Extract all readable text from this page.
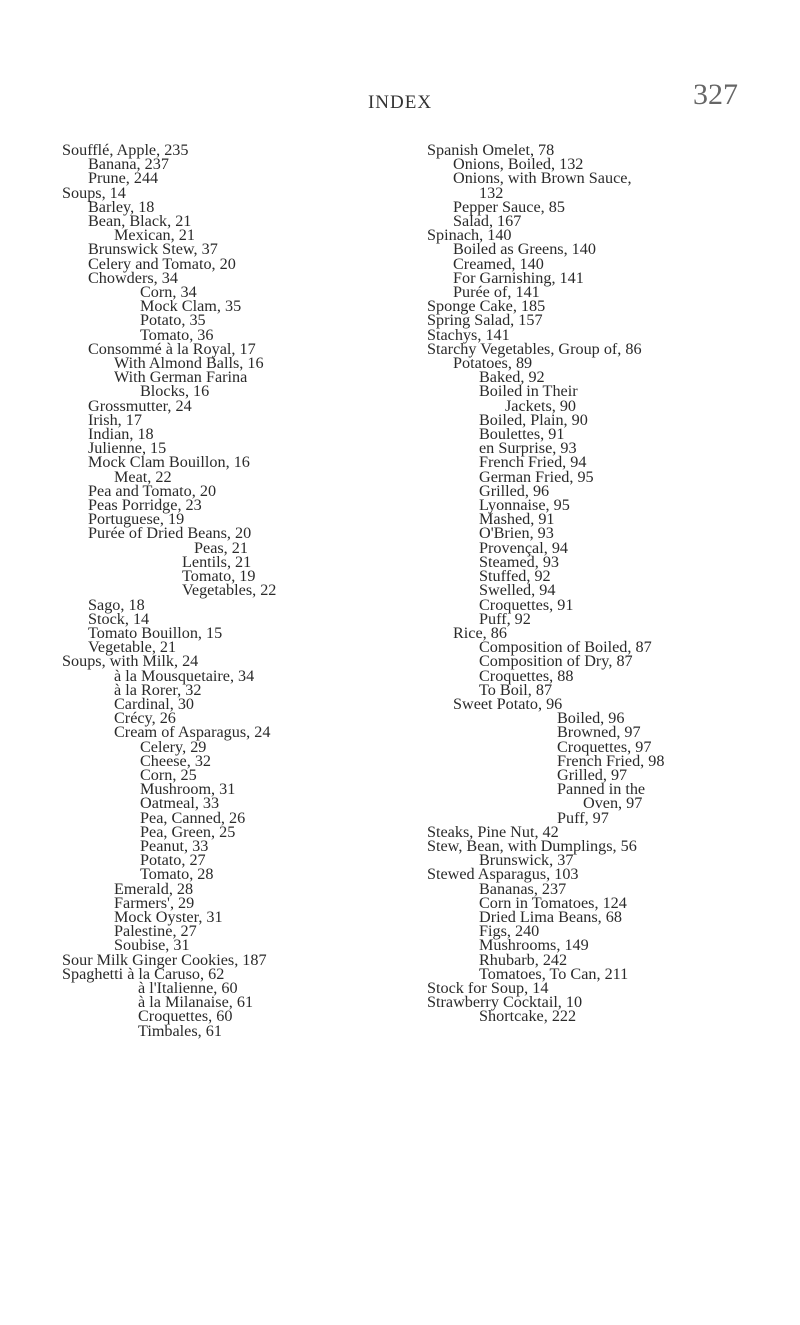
INDEX	327
Soufflé, Apple, 235
Banana, 237
Prune, 244
Soups, 14
Barley, 18
Bean, Black, 21
Mexican, 21
Brunswick Stew, 37
Celery and Tomato, 20
Chowders, 34
Corn, 34
Mock Clam, 35
Potato, 35
Tomato, 36
Consommé à la Royal, 17
With Almond Balls, 16
With German Farina
Blocks, 16
Grossmutter, 24
Irish, 17
Indian, 18
Julienne, 15
Mock Clam Bouillon, 16
Meat, 22
Pea and Tomato, 20
Peas Porridge, 23
Portuguese, 19
Purée of Dried Beans, 20
Peas, 21
Lentils, 21
Tomato, 19
Vegetables, 22
Sago, 18
Stock, 14
Tomato Bouillon, 15
Vegetable, 21
Soups, with Milk, 24
à la Mousquetaire, 34
à la Rorer, 32
Cardinal, 30
Crécy, 26
Cream of Asparagus, 24
Celery, 29
Cheese, 32
Corn, 25
Mushroom, 31
Oatmeal, 33
Pea, Canned, 26
Pea, Green, 25
Peanut, 33
Potato, 27
Tomato, 28
Emerald, 28
Farmers', 29
Mock Oyster, 31
Palestine, 27
Soubise, 31
Sour Milk Ginger Cookies, 187
Spaghetti à la Caruso, 62
à l'Italienne, 60
à la Milanaise, 61
Croquettes, 60
Timbales, 61
Spanish Omelet, 78
Onions, Boiled, 132
Onions, with Brown Sauce,
132
Pepper Sauce, 85
Salad, 167
Spinach, 140
Boiled as Greens, 140
Creamed, 140
For Garnishing, 141
Purée of, 141
Sponge Cake, 185
Spring Salad, 157
Stachys, 141
Starchy Vegetables, Group of, 86
Potatoes, 89
Baked, 92
Boiled in Their
Jackets, 90
Boiled, Plain, 90
Boulettes, 91
en Surprise, 93
French Fried, 94
German Fried, 95
Grilled, 96
Lyonnaise, 95
Mashed, 91
O'Brien, 93
Provençal, 94
Steamed, 93
Stuffed, 92
Swelled, 94
Croquettes, 91
Puff, 92
Rice, 86
Composition of Boiled, 87
Composition of Dry, 87
Croquettes, 88
To Boil, 87
Sweet Potato, 96
Boiled, 96
Browned, 97
Croquettes, 97
French Fried, 98
Grilled, 97
Panned in the
Oven, 97
Puff, 97
Steaks, Pine Nut, 42
Stew, Bean, with Dumplings, 56
Brunswick, 37
Stewed Asparagus, 103
Bananas, 237
Corn in Tomatoes, 124
Dried Lima Beans, 68
Figs, 240
Mushrooms, 149
Rhubarb, 242
Tomatoes, To Can, 211
Stock for Soup, 14
Strawberry Cocktail, 10
Shortcake, 222
